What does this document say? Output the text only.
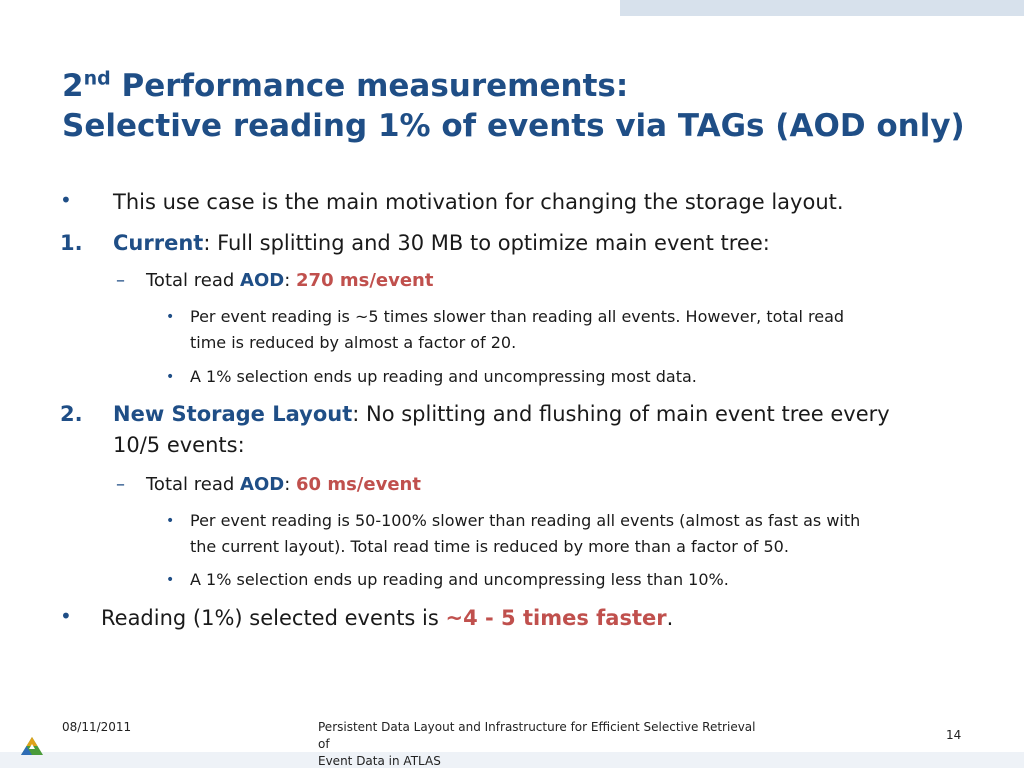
2nd Performance measurements:
Selective reading 1% of events via TAGs (AOD only)
• This use case is the main motivation for changing the storage layout.
1. Current: Full splitting and 30 MB to optimize main event tree:
– Total read AOD: 270 ms/event
• Per event reading is ~5 times slower than reading all events. However, total read
time is reduced by almost a factor of 20.
• A 1% selection ends up reading and uncompressing most data.
2. New Storage Layout: No splitting and flushing of main event tree every
10/5 events:
– Total read AOD: 60 ms/event
• Per event reading is 50-100% slower than reading all events (almost as fast as with
the current layout). Total read time is reduced by more than a factor of 50.
• A 1% selection ends up reading and uncompressing less than 10%.
• Reading (1%) selected events is ~4 - 5 times faster.
08/11/2011	Persistent Data Layout and Infrastructure for Efficient Selective Retrieval of
Event Data in ATLAS
14
